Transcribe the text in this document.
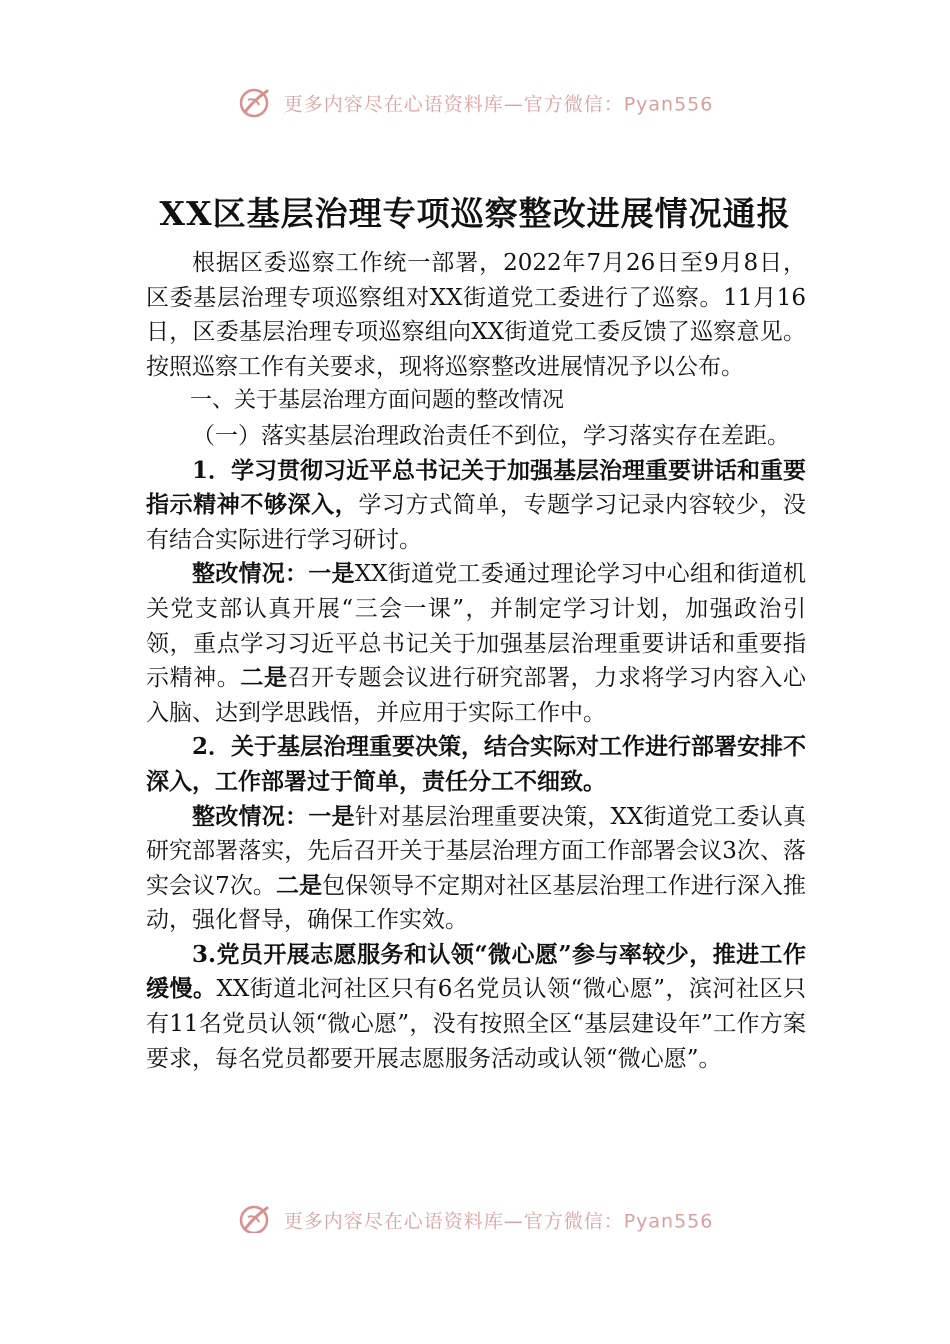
更多内容尽在心语资料库—官方微信：Pyan556
XX区基层治理专项巡察整改进展情况通报

根据区委巡察工作统一部署，2022年7月26日至9月8日，区委基层治理专项巡察组对XX街道党工委进行了巡察。11月16日，区委基层治理专项巡察组向XX街道党工委反馈了巡察意见。按照巡察工作有关要求，现将巡察整改进展情况予以公布。

一、关于基层治理方面问题的整改情况

（一）落实基层治理政治责任不到位，学习落实存在差距。

1．学习贯彻习近平总书记关于加强基层治理重要讲话和重要指示精神不够深入，学习方式简单，专题学习记录内容较少，没有结合实际进行学习研讨。

整改情况：一是XX街道党工委通过理论学习中心组和街道机关党支部认真开展“三会一课”，并制定学习计划，加强政治引领，重点学习习近平总书记关于加强基层治理重要讲话和重要指示精神。二是召开专题会议进行研究部署，力求将学习内容入心入脑、达到学思践悟，并应用于实际工作中。

2．关于基层治理重要决策，结合实际对工作进行部署安排不深入，工作部署过于简单，责任分工不细致。

整改情况：一是针对基层治理重要决策，XX街道党工委认真研究部署落实，先后召开关于基层治理方面工作部署会议3次、落实会议7次。二是包保领导不定期对社区基层治理工作进行深入推动，强化督导，确保工作实效。

3.党员开展志愿服务和认领“微心愿”参与率较少，推进工作缓慢。XX街道北河社区只有6名党员认领“微心愿”，滨河社区只有11名党员认领“微心愿”，没有按照全区“基层建设年”工作方案要求，每名党员都要开展志愿服务活动或认领“微心愿”。

更多内容尽在心语资料库—官方微信：Pyan556
